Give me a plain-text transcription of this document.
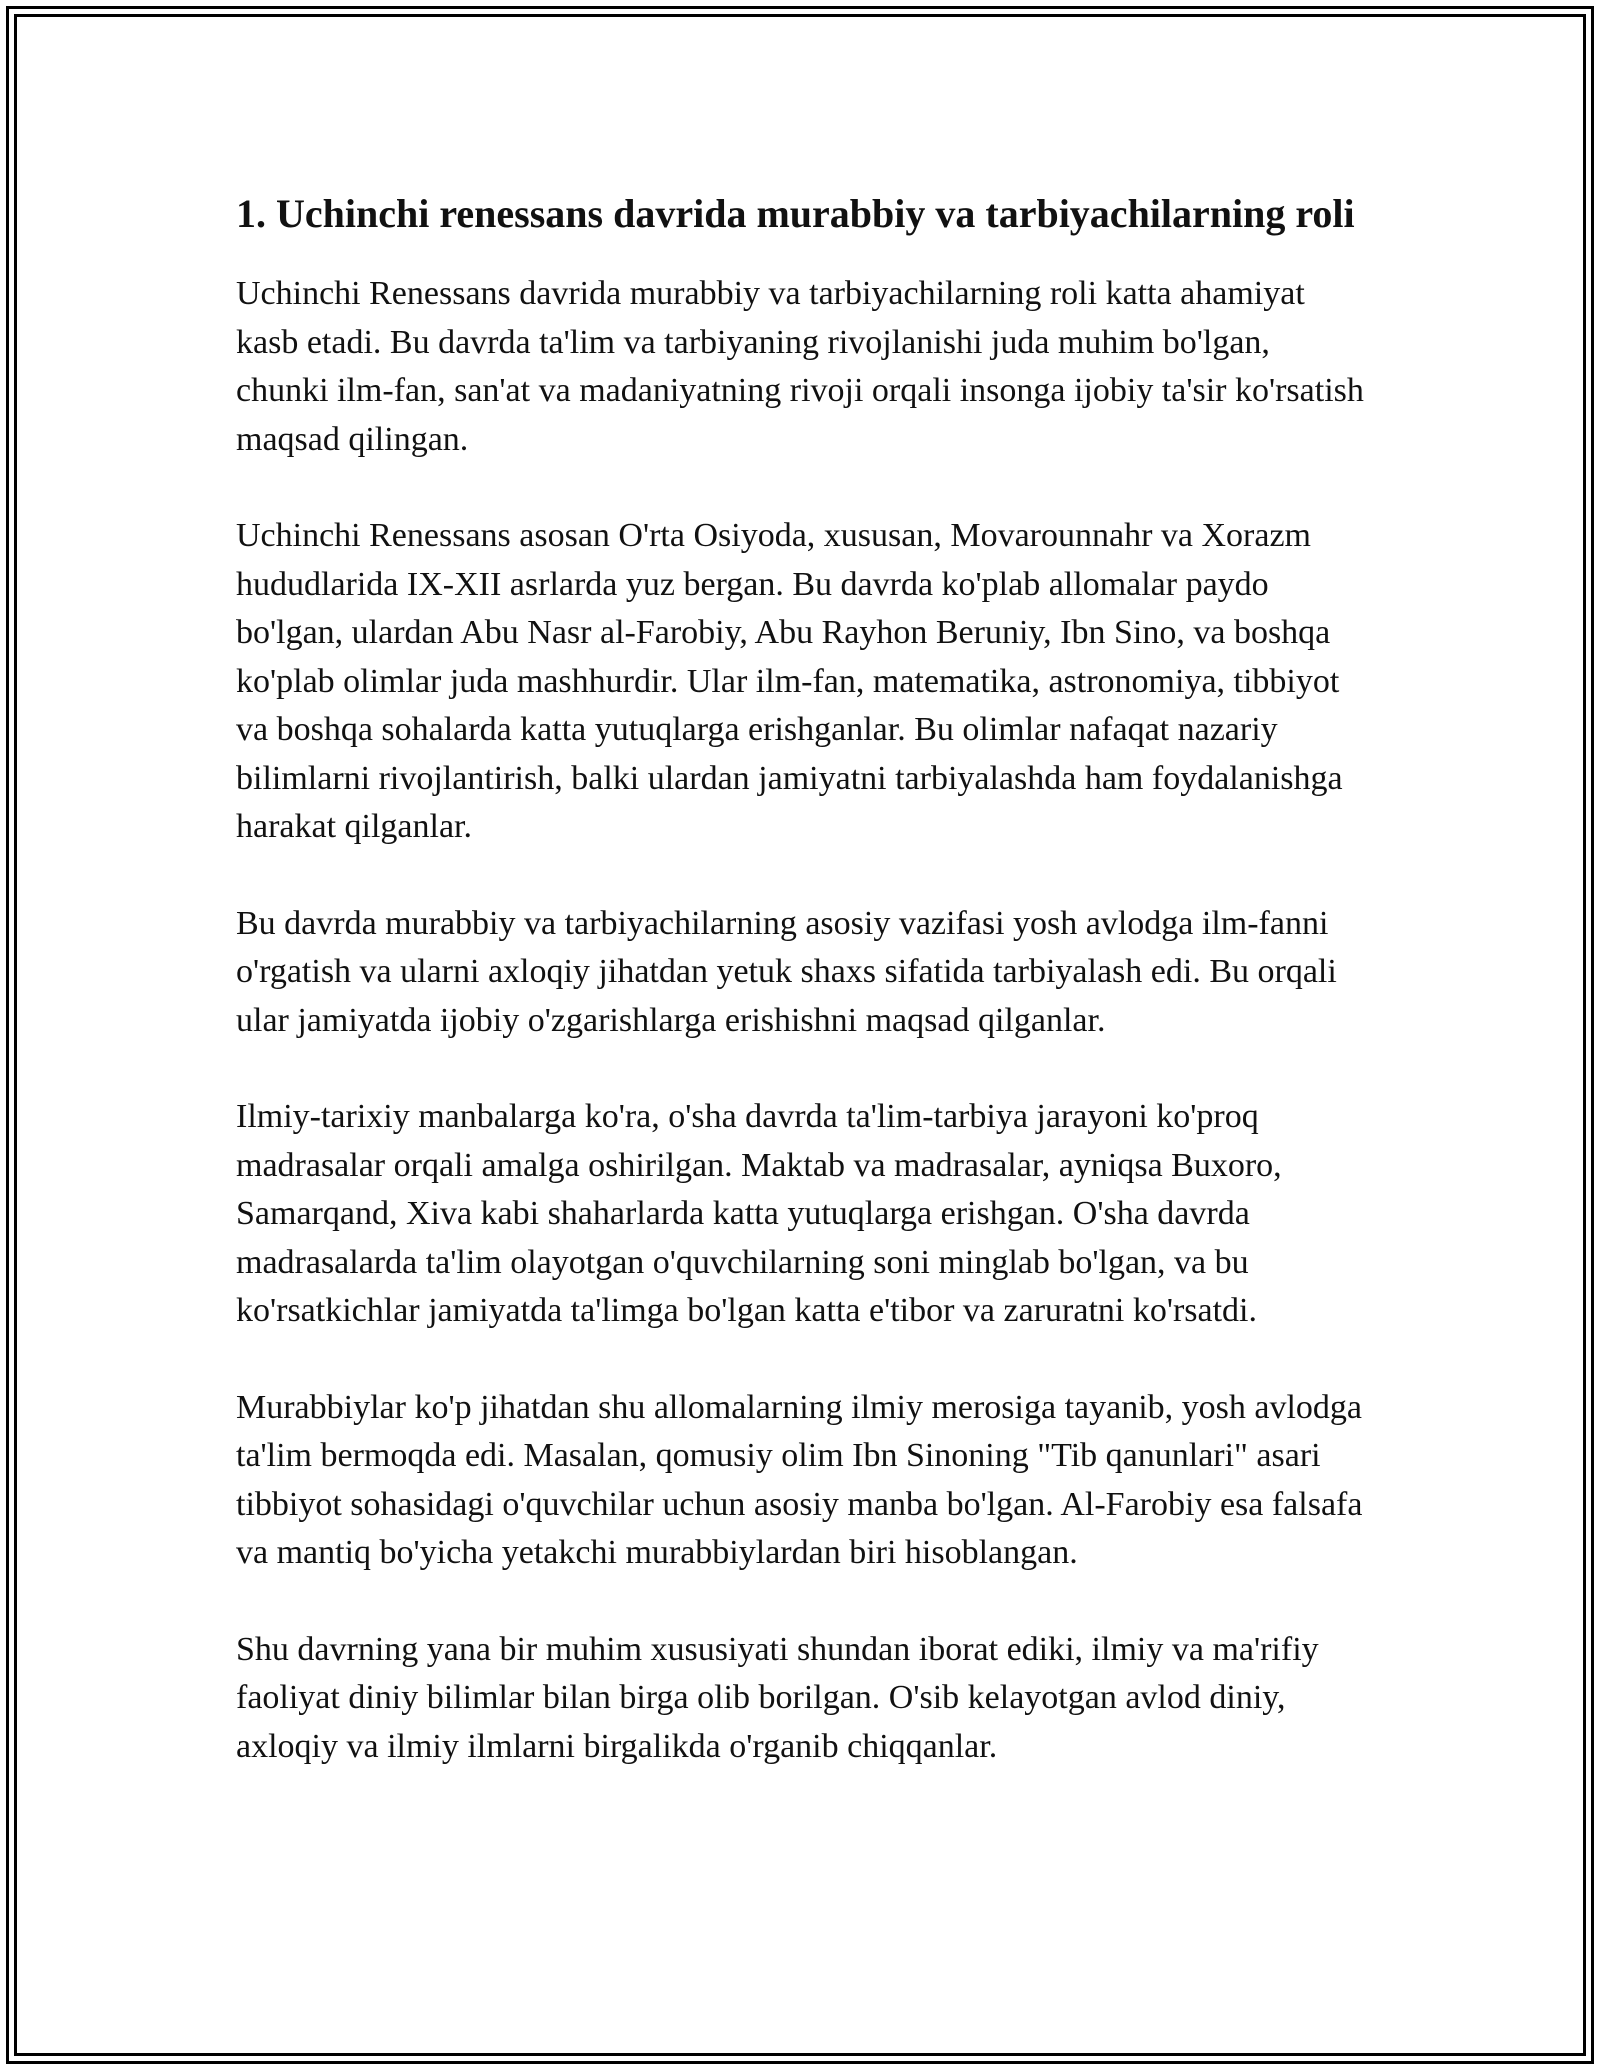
1. Uchinchi renessans davrida murabbiy va tarbiyachilarning roli

Uchinchi Renessans davrida murabbiy va tarbiyachilarning roli katta ahamiyat kasb etadi. Bu davrda ta'lim va tarbiyaning rivojlanishi juda muhim bo'lgan, chunki ilm-fan, san'at va madaniyatning rivoji orqali insonga ijobiy ta'sir ko'rsatish maqsad qilingan.

Uchinchi Renessans asosan O'rta Osiyoda, xususan, Movarounnahr va Xorazm hududlarida IX-XII asrlarda yuz bergan. Bu davrda ko'plab allomalar paydo bo'lgan, ulardan Abu Nasr al-Farobiy, Abu Rayhon Beruniy, Ibn Sino, va boshqa ko'plab olimlar juda mashhurdir. Ular ilm-fan, matematika, astronomiya, tibbiyot va boshqa sohalarda katta yutuqlarga erishganlar. Bu olimlar nafaqat nazariy bilimlarni rivojlantirish, balki ulardan jamiyatni tarbiyalashda ham foydalanishga harakat qilganlar.

Bu davrda murabbiy va tarbiyachilarning asosiy vazifasi yosh avlodga ilm-fanni o'rgatish va ularni axloqiy jihatdan yetuk shaxs sifatida tarbiyalash edi. Bu orqali ular jamiyatda ijobiy o'zgarishlarga erishishni maqsad qilganlar.

Ilmiy-tarixiy manbalarga ko'ra, o'sha davrda ta'lim-tarbiya jarayoni ko'proq madrasalar orqali amalga oshirilgan. Maktab va madrasalar, ayniqsa Buxoro, Samarqand, Xiva kabi shaharlarda katta yutuqlarga erishgan. O'sha davrda madrasalarda ta'lim olayotgan o'quvchilarning soni minglab bo'lgan, va bu ko'rsatkichlar jamiyatda ta'limga bo'lgan katta e'tibor va zaruratni ko'rsatdi.

Murabbiylar ko'p jihatdan shu allomalarning ilmiy merosiga tayanib, yosh avlodga ta'lim bermoqda edi. Masalan, qomusiy olim Ibn Sinoning "Tib qanunlari" asari tibbiyot sohasidagi o'quvchilar uchun asosiy manba bo'lgan. Al-Farobiy esa falsafa va mantiq bo'yicha yetakchi murabbiylardan biri hisoblangan.

Shu davrning yana bir muhim xususiyati shundan iborat ediki, ilmiy va ma'rifiy faoliyat diniy bilimlar bilan birga olib borilgan. O'sib kelayotgan avlod diniy, axloqiy va ilmiy ilmlarni birgalikda o'rganib chiqqanlar.
